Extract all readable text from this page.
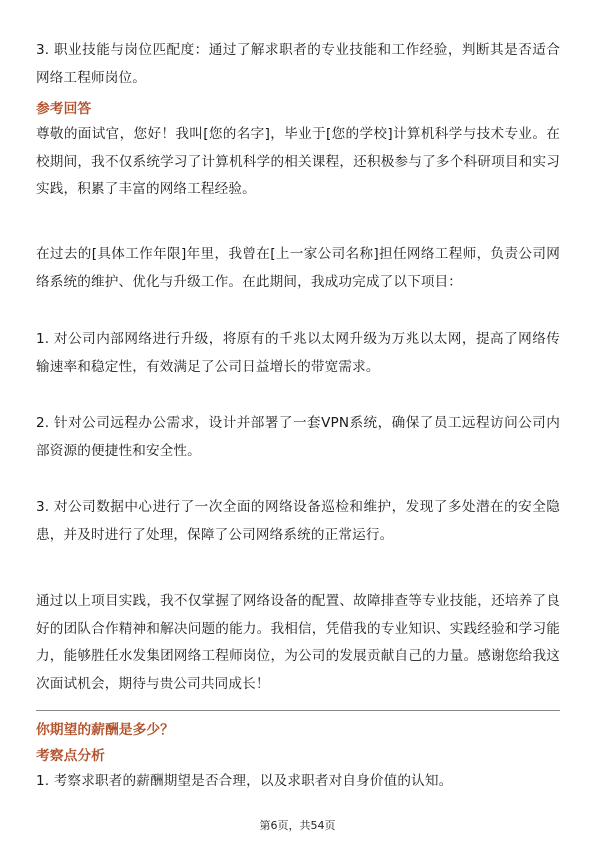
3. 职业技能与岗位匹配度：通过了解求职者的专业技能和工作经验，判断其是否适合网络工程师岗位。

参考回答

尊敬的面试官，您好！我叫[您的名字]，毕业于[您的学校]计算机科学与技术专业。在校期间，我不仅系统学习了计算机科学的相关课程，还积极参与了多个科研项目和实习实践，积累了丰富的网络工程经验。

在过去的[具体工作年限]年里，我曾在[上一家公司名称]担任网络工程师，负责公司网络系统的维护、优化与升级工作。在此期间，我成功完成了以下项目：

1. 对公司内部网络进行升级，将原有的千兆以太网升级为万兆以太网，提高了网络传输速率和稳定性，有效满足了公司日益增长的带宽需求。

2. 针对公司远程办公需求，设计并部署了一套VPN系统，确保了员工远程访问公司内部资源的便捷性和安全性。

3. 对公司数据中心进行了一次全面的网络设备巡检和维护，发现了多处潜在的安全隐患，并及时进行了处理，保障了公司网络系统的正常运行。

通过以上项目实践，我不仅掌握了网络设备的配置、故障排查等专业技能，还培养了良好的团队合作精神和解决问题的能力。我相信，凭借我的专业知识、实践经验和学习能力，能够胜任水发集团网络工程师岗位，为公司的发展贡献自己的力量。感谢您给我这次面试机会，期待与贵公司共同成长！

你期望的薪酬是多少？
考察点分析

1. 考察求职者的薪酬期望是否合理，以及求职者对自身价值的认知。

第6页，共54页
